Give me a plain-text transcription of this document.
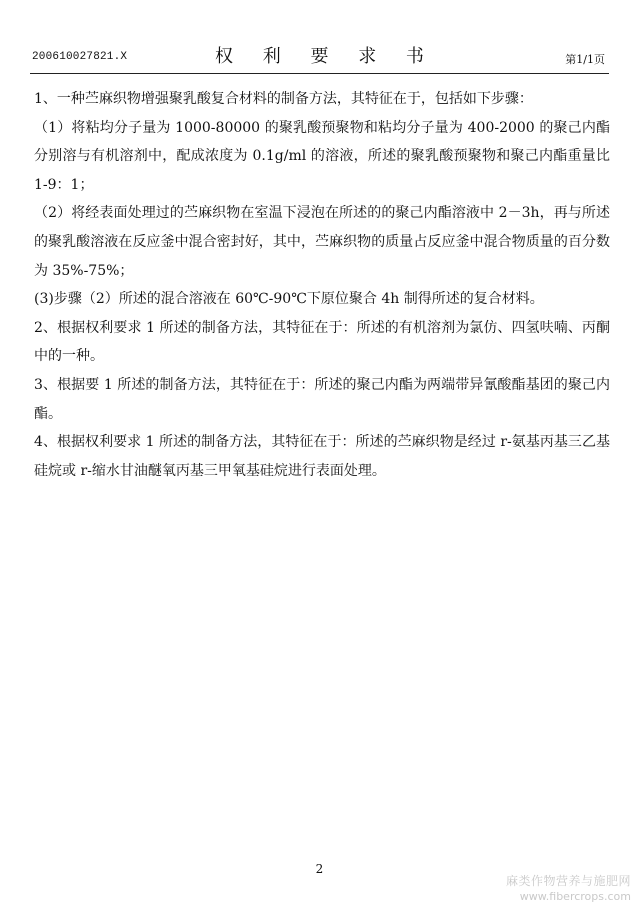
200610027821.X	权 利 要 求 书	第1/1页

1、一种苎麻织物增强聚乳酸复合材料的制备方法，其特征在于，包括如下步骤：

（1）将粘均分子量为 1000-80000 的聚乳酸预聚物和粘均分子量为 400-2000 的聚己内酯分别溶与有机溶剂中，配成浓度为 0.1g/ml 的溶液，所述的聚乳酸预聚物和聚己内酯重量比 1-9：1；

（2）将经表面处理过的苎麻织物在室温下浸泡在所述的的聚己内酯溶液中 2－3h，再与所述的聚乳酸溶液在反应釜中混合密封好，其中，苎麻织物的质量占反应釜中混合物质量的百分数为 35%-75%；

(3)步骤（2）所述的混合溶液在 60℃-90℃下原位聚合 4h 制得所述的复合材料。

2、根据权利要求 1 所述的制备方法，其特征在于：所述的有机溶剂为氯仿、四氢呋喃、丙酮中的一种。

3、根据要 1 所述的制备方法，其特征在于：所述的聚己内酯为两端带异氰酸酯基团的聚己内酯。

4、根据权利要求 1 所述的制备方法，其特征在于：所述的苎麻织物是经过 r-氨基丙基三乙基硅烷或 r-缩水甘油醚氧丙基三甲氧基硅烷进行表面处理。

2
麻类作物营养与施肥网
www.fibercrops.com
